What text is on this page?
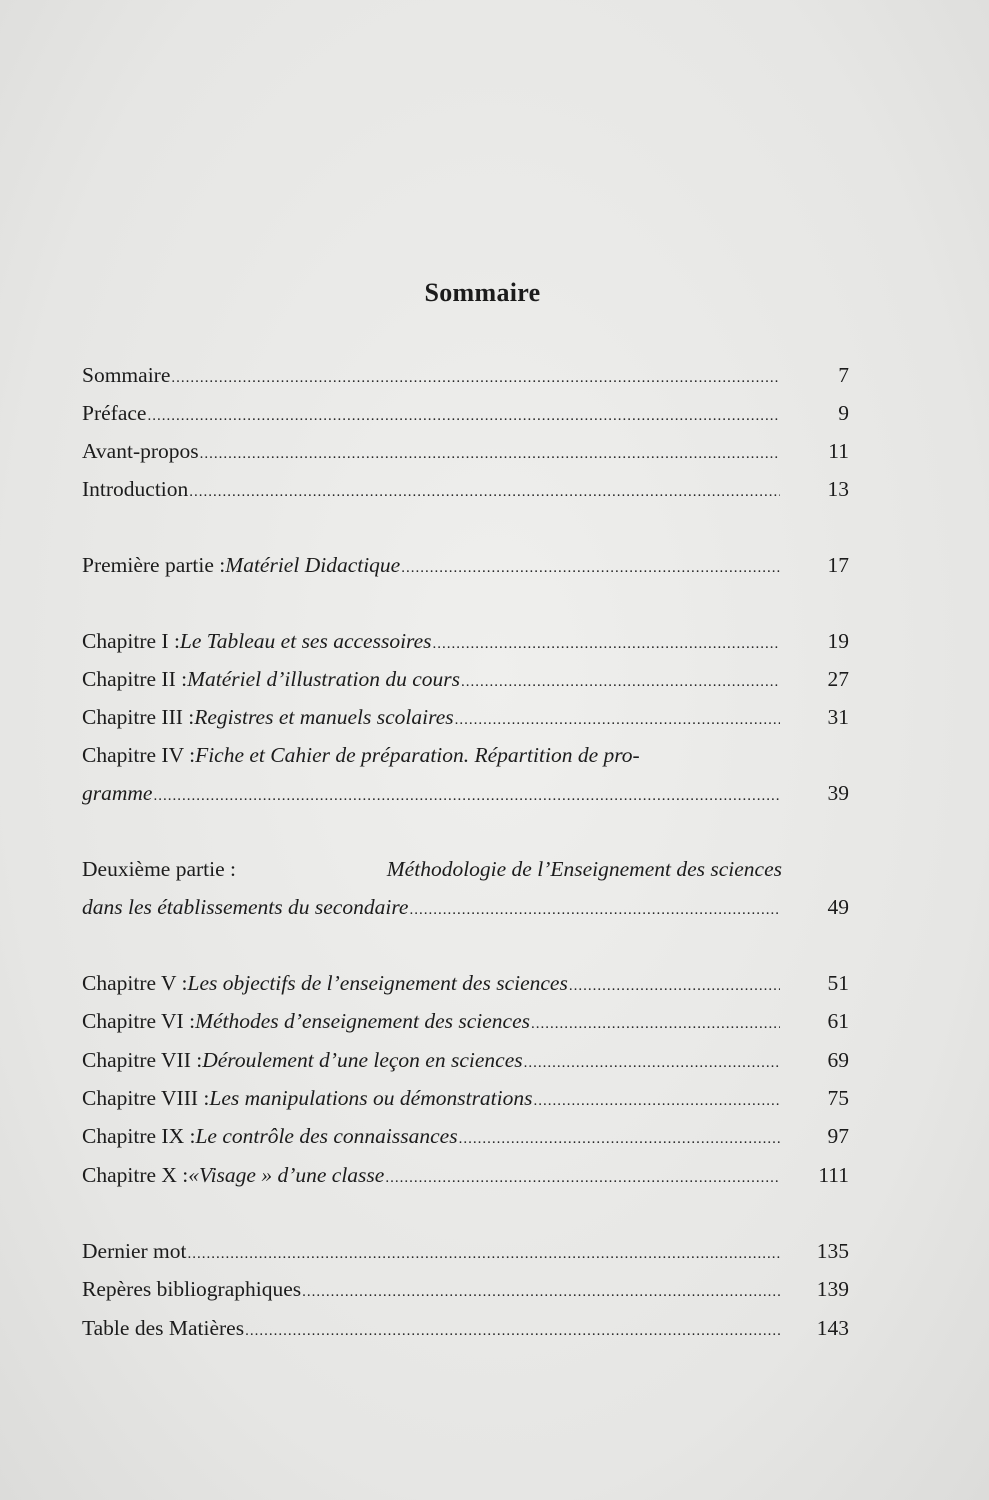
Sommaire
Sommaire .....	7
Préface .....	9
Avant-propos .....	11
Introduction .....	13
Première partie : Matériel Didactique .....	17
Chapitre I : Le Tableau et ses accessoires .....	19
Chapitre II : Matériel d’illustration du cours .....	27
Chapitre III : Registres et manuels scolaires .....	31
Chapitre IV : Fiche et Cahier de préparation. Répartition de pro-
gramme .....	39
Deuxième partie :	Méthodologie de l’Enseignement des sciences
dans les établissements du secondaire .....	49
Chapitre V : Les objectifs de l’enseignement des sciences .....	51
Chapitre VI : Méthodes d’enseignement des sciences .....	61
Chapitre VII : Déroulement d’une leçon en sciences .....	69
Chapitre VIII : Les manipulations ou démonstrations .....	75
Chapitre IX : Le contrôle des connaissances .....	97
Chapitre X : «Visage » d’une classe .....	111
Dernier mot .....	135
Repères bibliographiques .....	139
Table des Matières .....	143
